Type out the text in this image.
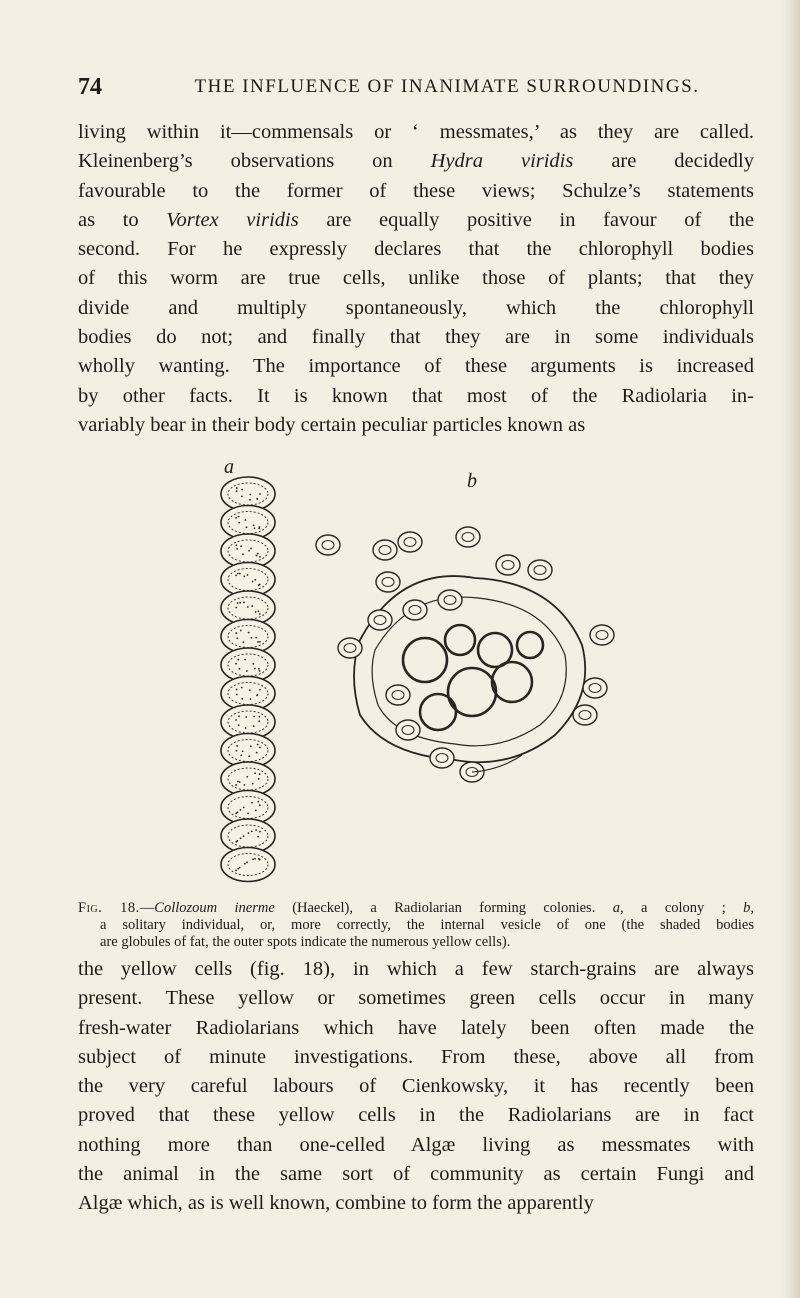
74	THE INFLUENCE OF INANIMATE SURROUNDINGS.
living within it—commensals or ‘ messmates,’ as they are called.
Kleinenberg’s observations on Hydra viridis are decidedly
favourable to the former of these views; Schulze’s statements
as to Vortex viridis are equally positive in favour of the
second. For he expressly declares that the chlorophyll bodies
of this worm are true cells, unlike those of plants; that they
divide and multiply spontaneously, which the chlorophyll
bodies do not; and finally that they are in some individuals
wholly wanting. The importance of these arguments is increased
by other facts. It is known that most of the Radiolaria in-
variably bear in their body certain peculiar particles known as
a
b
Fig. 18.—Collozoum inerme (Haeckel), a Radiolarian forming colonies. a, a colony ; b,
a solitary individual, or, more correctly, the internal vesicle of one (the shaded bodies
are globules of fat, the outer spots indicate the numerous yellow cells).
the yellow cells (fig. 18), in which a few starch-grains are always
present. These yellow or sometimes green cells occur in many
fresh-water Radiolarians which have lately been often made the
subject of minute investigations. From these, above all from
the very careful labours of Cienkowsky, it has recently been
proved that these yellow cells in the Radiolarians are in fact
nothing more than one-celled Algæ living as messmates with
the animal in the same sort of community as certain Fungi and
Algæ which, as is well known, combine to form the apparently
